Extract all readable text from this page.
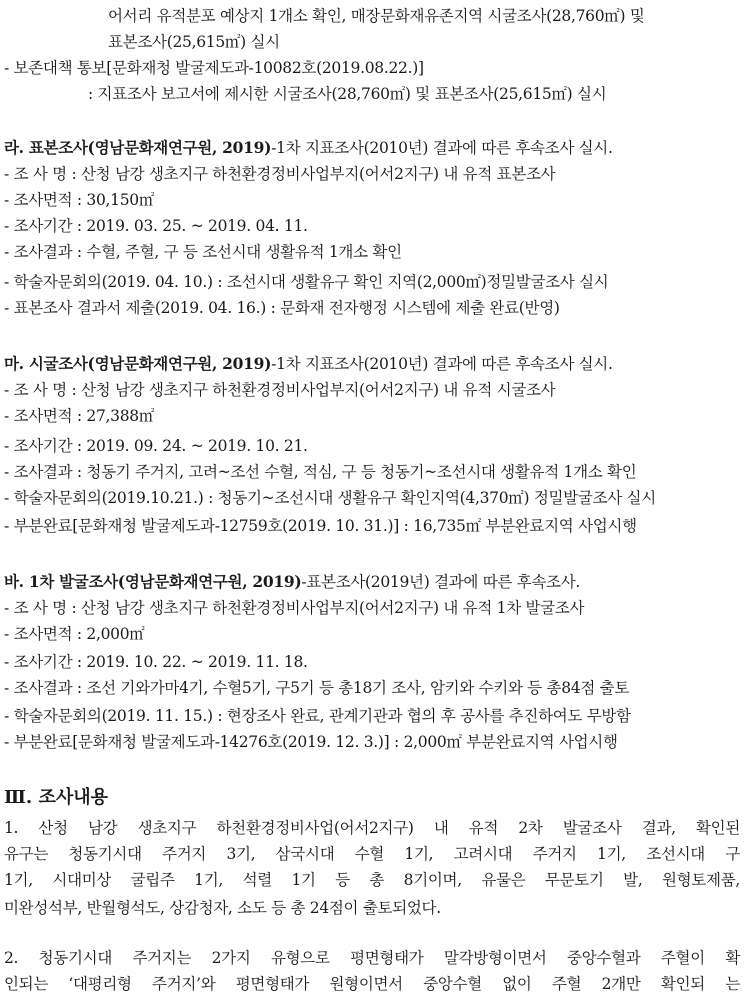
어서리 유적분포 예상지 1개소 확인, 매장문화재유존지역 시굴조사(28,760㎡) 및
표본조사(25,615㎡) 실시
- 보존대책 통보[문화재청 발굴제도과-10082호(2019.08.22.)]
: 지표조사 보고서에 제시한 시굴조사(28,760㎡) 및 표본조사(25,615㎡) 실시
라. 표본조사(영남문화재연구원, 2019)-1차 지표조사(2010년) 결과에 따른 후속조사 실시.
- 조 사 명 : 산청 남강 생초지구 하천환경정비사업부지(어서2지구) 내 유적 표본조사
- 조사면적 : 30,150㎡
- 조사기간 : 2019. 03. 25. ~ 2019. 04. 11.
- 조사결과 : 수혈, 주혈, 구 등 조선시대 생활유적 1개소 확인
- 학술자문회의(2019. 04. 10.) : 조선시대 생활유구 확인 지역(2,000㎡)정밀발굴조사 실시
- 표본조사 결과서 제출(2019. 04. 16.) : 문화재 전자행정 시스템에 제출 완료(반영)
마. 시굴조사(영남문화재연구원, 2019)-1차 지표조사(2010년) 결과에 따른 후속조사 실시.
- 조 사 명 : 산청 남강 생초지구 하천환경정비사업부지(어서2지구) 내 유적 시굴조사
- 조사면적 : 27,388㎡
- 조사기간 : 2019. 09. 24. ~ 2019. 10. 21.
- 조사결과 : 청동기 주거지, 고려~조선 수혈, 적심, 구 등 청동기~조선시대 생활유적 1개소 확인
- 학술자문회의(2019.10.21.) : 청동기~조선시대 생활유구 확인지역(4,370㎡) 정밀발굴조사 실시
- 부분완료[문화재청 발굴제도과-12759호(2019. 10. 31.)] : 16,735㎡ 부분완료지역 사업시행
바. 1차 발굴조사(영남문화재연구원, 2019)-표본조사(2019년) 결과에 따른 후속조사.
- 조 사 명 : 산청 남강 생초지구 하천환경정비사업부지(어서2지구) 내 유적 1차 발굴조사
- 조사면적 : 2,000㎡
- 조사기간 : 2019. 10. 22. ~ 2019. 11. 18.
- 조사결과 : 조선 기와가마4기, 수혈5기, 구5기 등 총18기 조사, 암키와 수키와 등 총84점 출토
- 학술자문회의(2019. 11. 15.) : 현장조사 완료, 관계기관과 협의 후 공사를 추진하여도 무방함
- 부분완료[문화재청 발굴제도과-14276호(2019. 12. 3.)] : 2,000㎡ 부분완료지역 사업시행
Ⅲ. 조사내용
1. 산청 남강 생초지구 하천환경정비사업(어서2지구) 내 유적 2차 발굴조사 결과, 확인된
유구는 청동기시대 주거지 3기, 삼국시대 수혈 1기, 고려시대 주거지 1기, 조선시대 구
1기, 시대미상 굴립주 1기, 석렬 1기 등 총 8기이며, 유물은 무문토기 발, 원형토제품,
미완성석부, 반월형석도, 상감청자, 소도 등 총 24점이 출토되었다.
2. 청동기시대 주거지는 2가지 유형으로 평면형태가 말각방형이면서 중앙수혈과 주혈이 확
인되는 ‘대평리형 주거지’와 평면형태가 원형이면서 중앙수혈 없이 주혈 2개만 확인되 는
